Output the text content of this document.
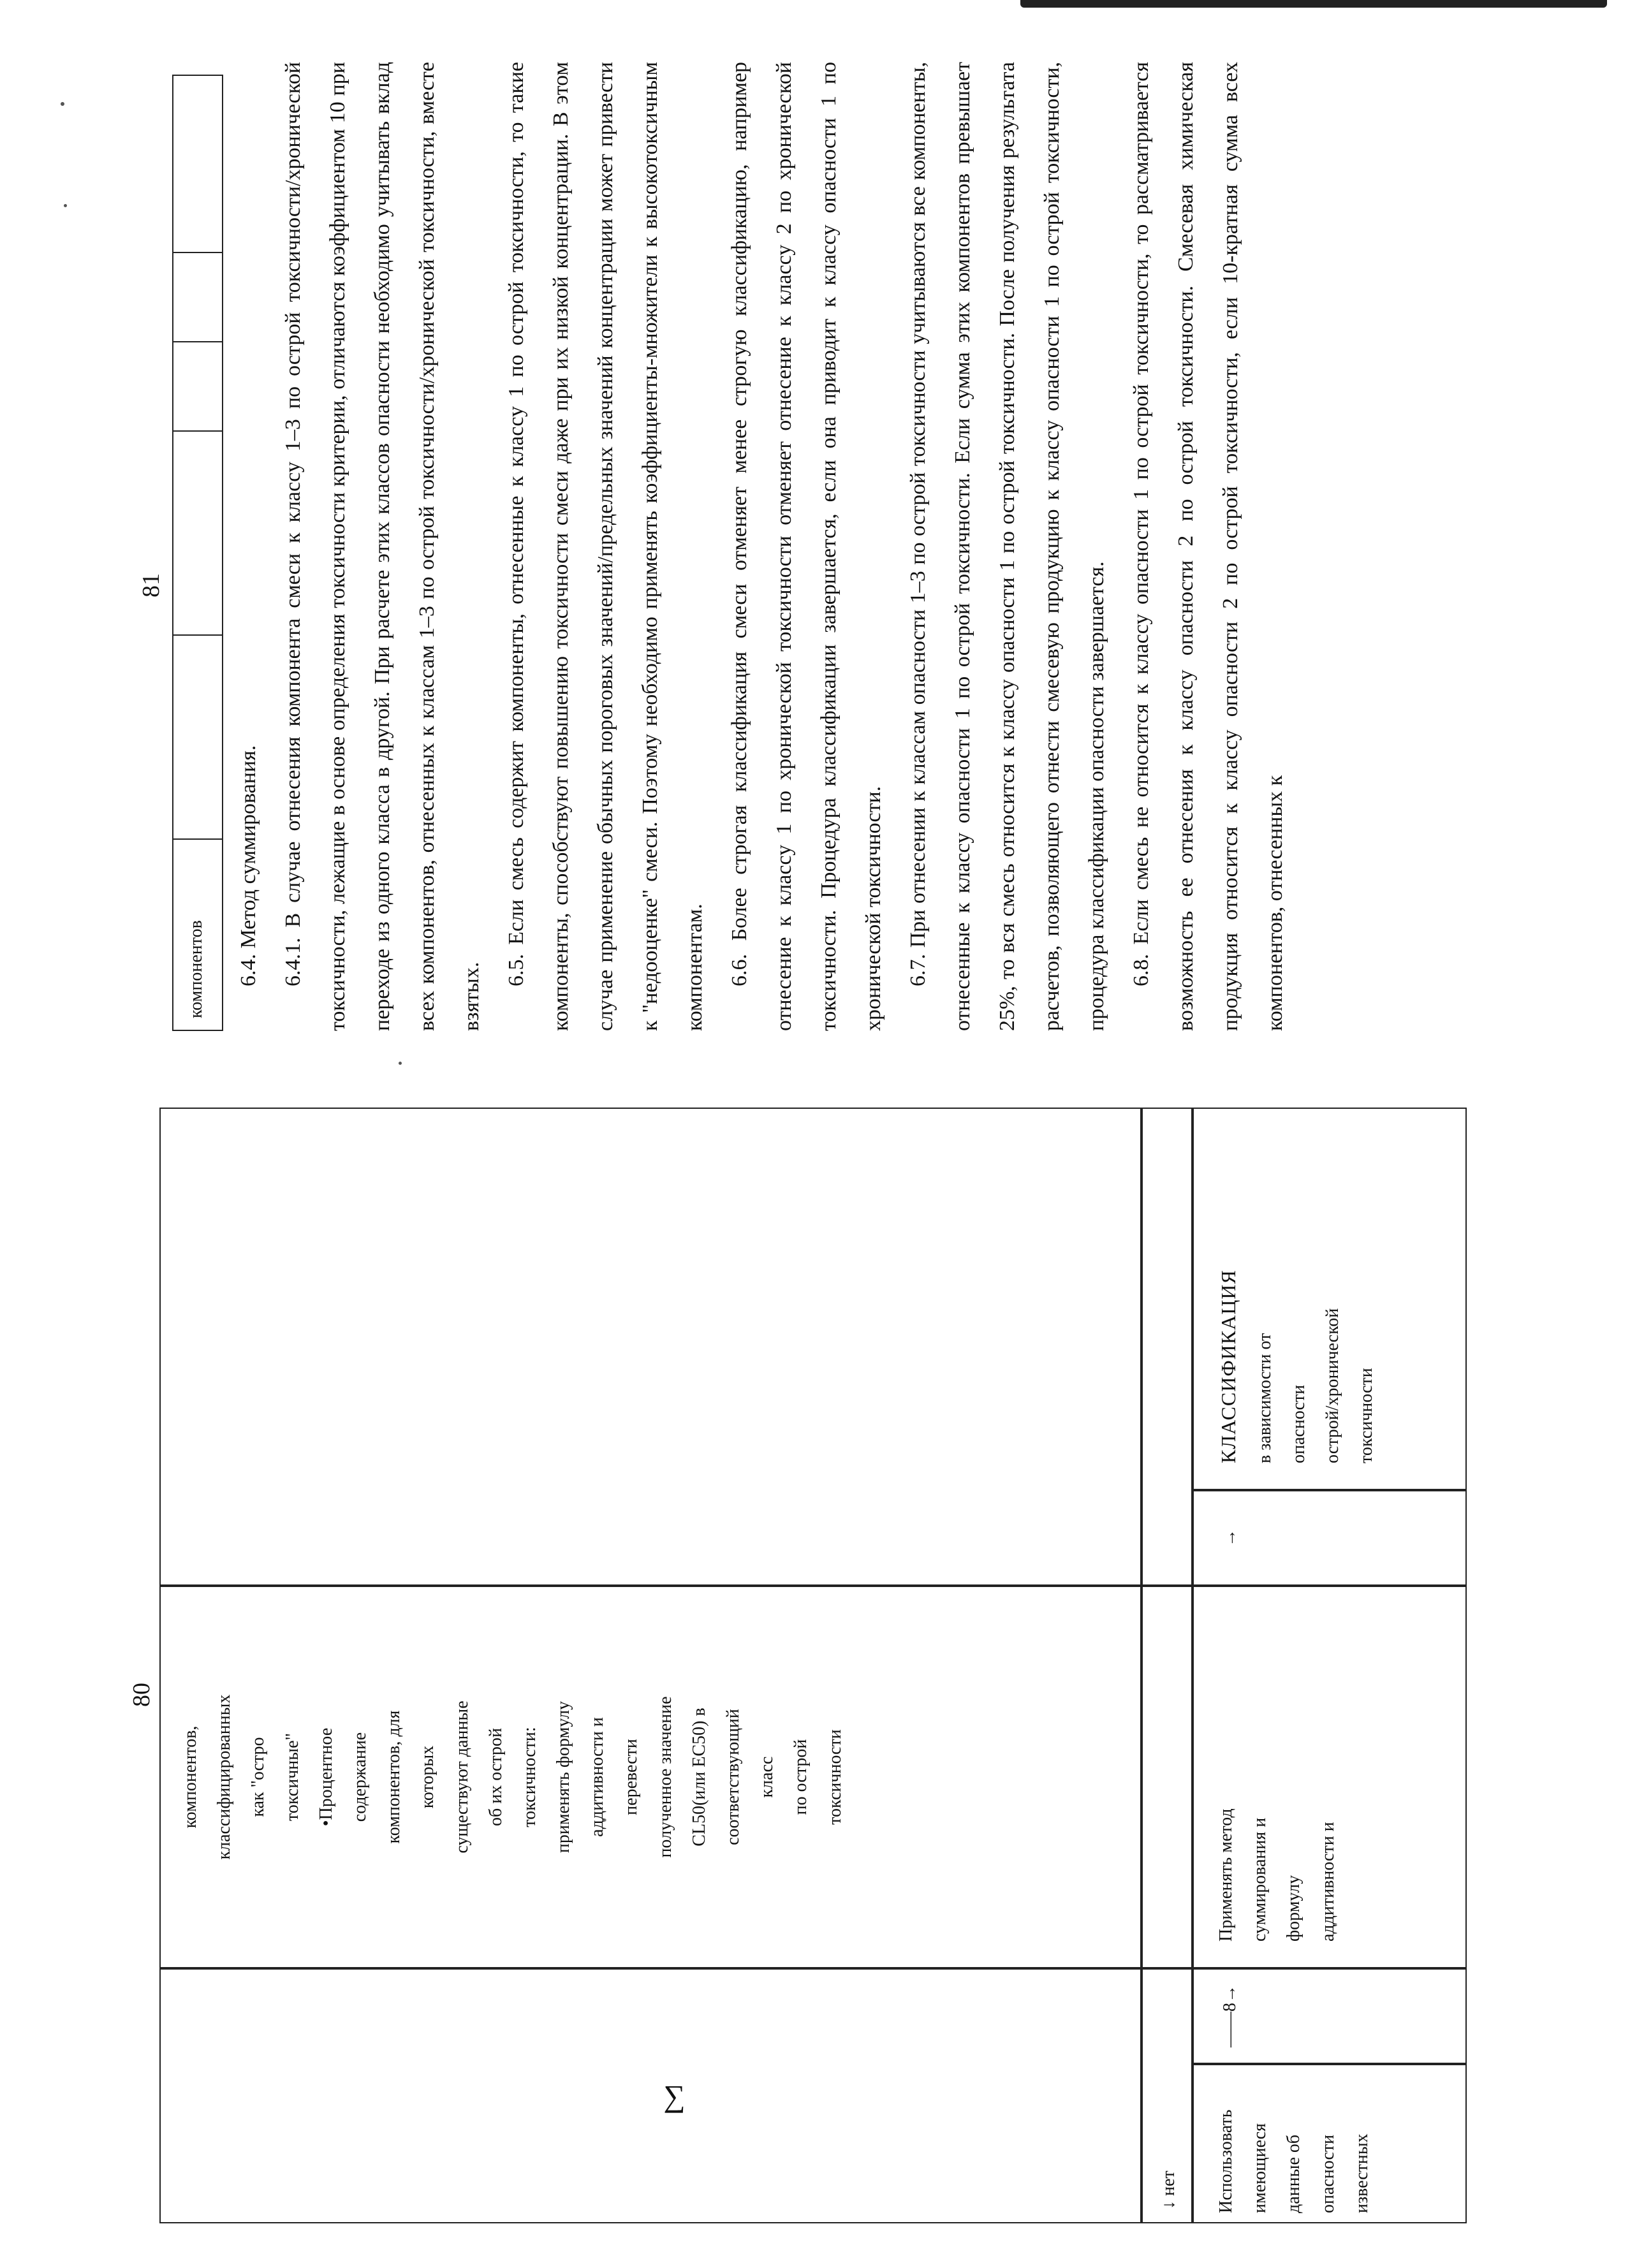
80
∑
компонентов, классифицированных как "остро токсичные" •Процентное содержание компонентов, для которых существуют данные об их острой токсичности: применять формулу аддитивности и перевести полученное значение CL50(или EC50) в соответствующий класс по острой токсичности
↓ нет	Использовать имеющиеся данные об опасности известных
——8→
Применять метод суммирования и формулу аддитивности и
→
КЛАССИФИКАЦИЯ в зависимости от опасности острой/хронической токсичности
81
компонентов	6.4. Метод суммирования. 6.4.1. В случае отнесения компонента смеси к классу 1–3 по острой токсичности/хронической токсичности, лежащие в основе определения токсичности критерии, отличаются коэффициентом 10 при переходе из одного класса в другой. При расчете этих классов опасности необходимо учитывать вклад всех компонентов, отнесенных к классам 1–3 по острой токсичности/хронической токсичности, вместе взятых.

6.5. Если смесь содержит компоненты, отнесенные к классу 1 по острой токсичности, то такие компоненты, способствуют повышению токсичности смеси даже при их низкой концентрации. В этом случае применение обычных пороговых значений/предельных значений концентрации может привести к "недооценке" смеси. Поэтому необходимо применять коэффициенты-множители к высокотоксичным компонентам. 6.6. Более строгая классификация смеси отменяет менее строгую классификацию, например отнесение к классу 1 по хронической токсичности отменяет отнесение к классу 2 по хронической токсичности. Процедура классификации завершается, если она приводит к классу опасности 1 по хронической токсичности. 6.7. При отнесении к классам опасности 1–3 по острой токсичности учитываются все компоненты, отнесенные к классу опасности 1 по острой токсичности. Если сумма этих компонентов превышает 25%, то вся смесь относится к классу опасности 1 по острой токсичности. После получения результата расчетов, позволяющего отнести смесевую продукцию к классу опасности 1 по острой токсичности, процедура классификации опасности завершается. 6.8. Если смесь не относится к классу опасности 1 по острой токсичности, то рассматривается возможность ее отнесения к классу опасности 2 по острой токсичности. Смесевая химическая продукция относится к классу опасности 2 по острой токсичности, если 10-кратная сумма всех компонентов, отнесенных к
